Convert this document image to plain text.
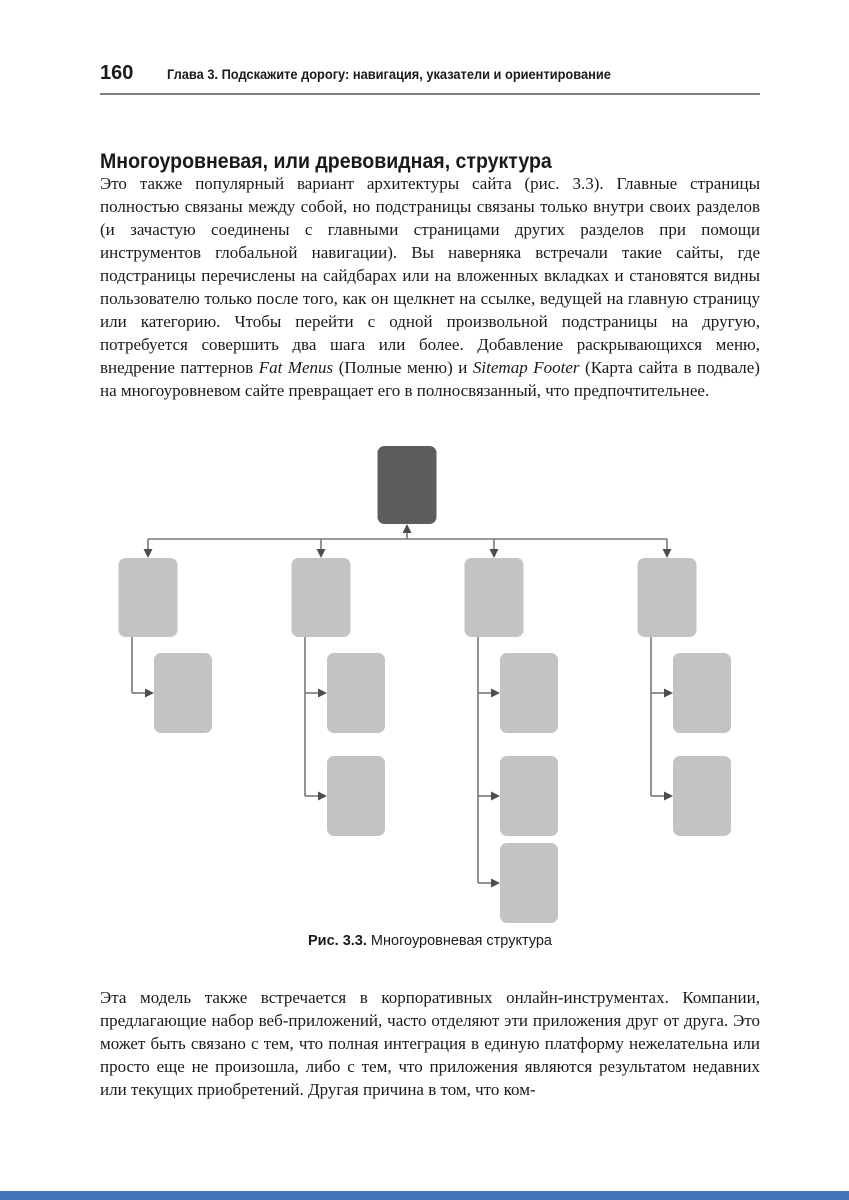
160	Глава 3. Подскажите дорогу: навигация, указатели и ориентирование
Многоуровневая, или древовидная, структура

Это также популярный вариант архитектуры сайта (рис. 3.3). Главные страницы полностью связаны между собой, но подстраницы связаны только внутри своих разделов (и зачастую соединены с главными страницами других разделов при помощи инструментов глобальной навигации). Вы наверняка встречали такие сайты, где подстраницы перечислены на сайдбарах или на вложенных вкладках и становятся видны пользователю только после того, как он щелкнет на ссылке, ведущей на главную страницу или категорию. Чтобы перейти с одной произвольной подстраницы на другую, потребуется совершить два шага или более. Добавление раскрывающихся меню, внедрение паттернов Fat Menus (Полные меню) и Sitemap Footer (Карта сайта в подвале) на многоуровневом сайте превращает его в полносвязанный, что предпочтительнее.

Рис. 3.3. Многоуровневая структура

Эта модель также встречается в корпоративных онлайн-инструментах. Компании, предлагающие набор веб-приложений, часто отделяют эти приложения друг от друга. Это может быть связано с тем, что полная интеграция в единую платформу нежелательна или просто еще не произошла, либо с тем, что приложения являются результатом недавних или текущих приобретений. Другая причина в том, что ком-
